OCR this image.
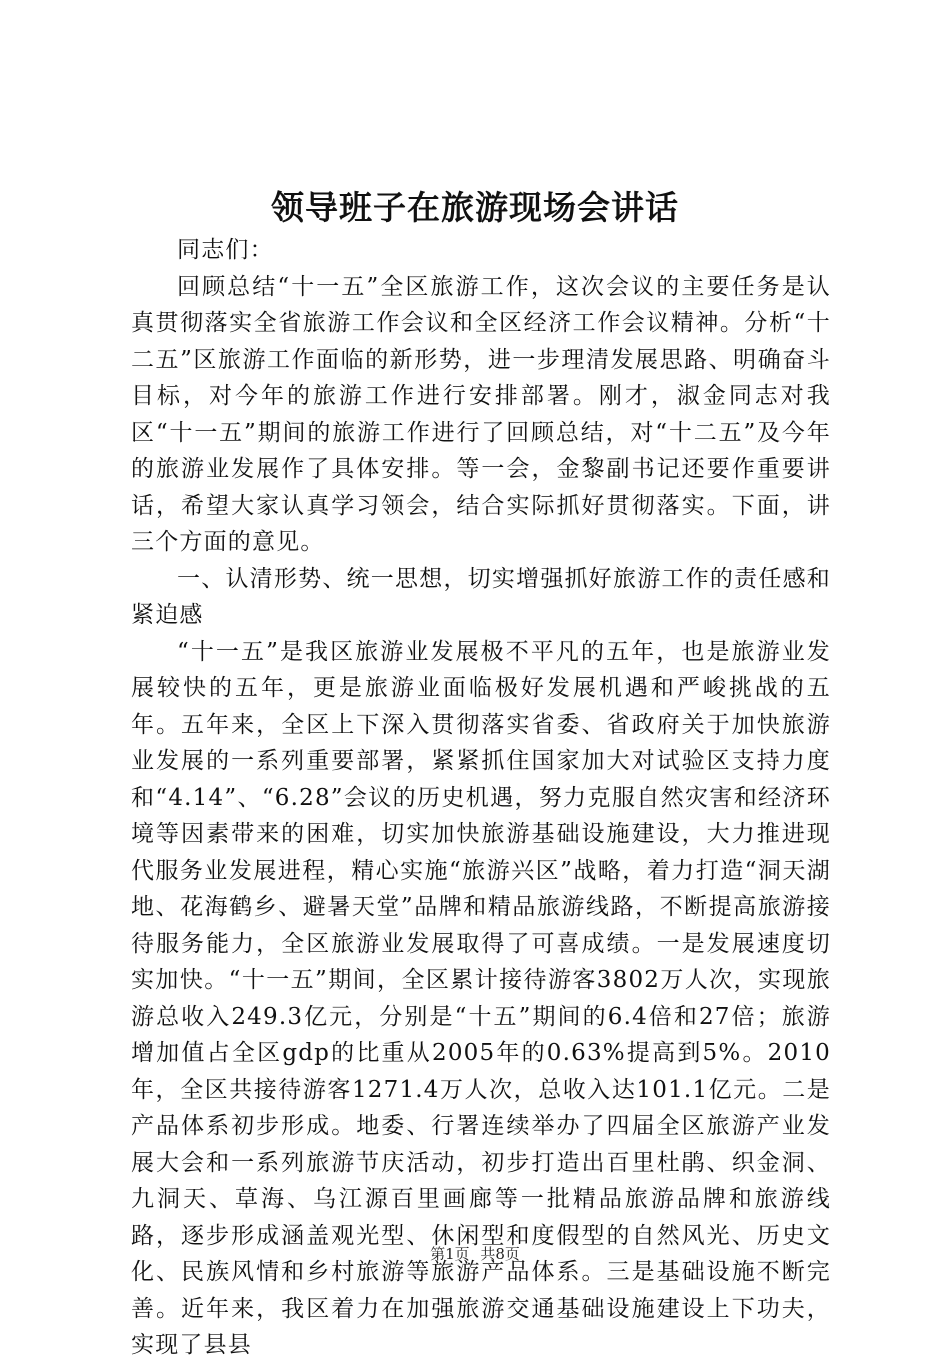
领导班子在旅游现场会讲话

同志们：

回顾总结“十一五”全区旅游工作，这次会议的主要任务是认真贯彻落实全省旅游工作会议和全区经济工作会议精神。分析“十二五”区旅游工作面临的新形势，进一步理清发展思路、明确奋斗目标，对今年的旅游工作进行安排部署。刚才，淑金同志对我区“十一五”期间的旅游工作进行了回顾总结，对“十二五”及今年的旅游业发展作了具体安排。等一会，金黎副书记还要作重要讲话，希望大家认真学习领会，结合实际抓好贯彻落实。下面，讲三个方面的意见。

一、认清形势、统一思想，切实增强抓好旅游工作的责任感和紧迫感

“十一五”是我区旅游业发展极不平凡的五年，也是旅游业发展较快的五年，更是旅游业面临极好发展机遇和严峻挑战的五年。五年来，全区上下深入贯彻落实省委、省政府关于加快旅游业发展的一系列重要部署，紧紧抓住国家加大对试验区支持力度和“4.14”、“6.28”会议的历史机遇，努力克服自然灾害和经济环境等因素带来的困难，切实加快旅游基础设施建设，大力推进现代服务业发展进程，精心实施“旅游兴区”战略，着力打造“洞天湖地、花海鹤乡、避暑天堂”品牌和精品旅游线路，不断提高旅游接待服务能力，全区旅游业发展取得了可喜成绩。一是发展速度切实加快。“十一五”期间，全区累计接待游客3802万人次，实现旅游总收入249.3亿元，分别是“十五”期间的6.4倍和27倍；旅游增加值占全区gdp的比重从2005年的0.63%提高到5%。2010年，全区共接待游客1271.4万人次，总收入达101.1亿元。二是产品体系初步形成。地委、行署连续举办了四届全区旅游产业发展大会和一系列旅游节庆活动，初步打造出百里杜鹃、织金洞、九洞天、草海、乌江源百里画廊等一批精品旅游品牌和旅游线路，逐步形成涵盖观光型、休闲型和度假型的自然风光、历史文化、民族风情和乡村旅游等旅游产品体系。三是基础设施不断完善。近年来，我区着力在加强旅游交通基础设施建设上下功夫，实现了县县

第1页 共8页
